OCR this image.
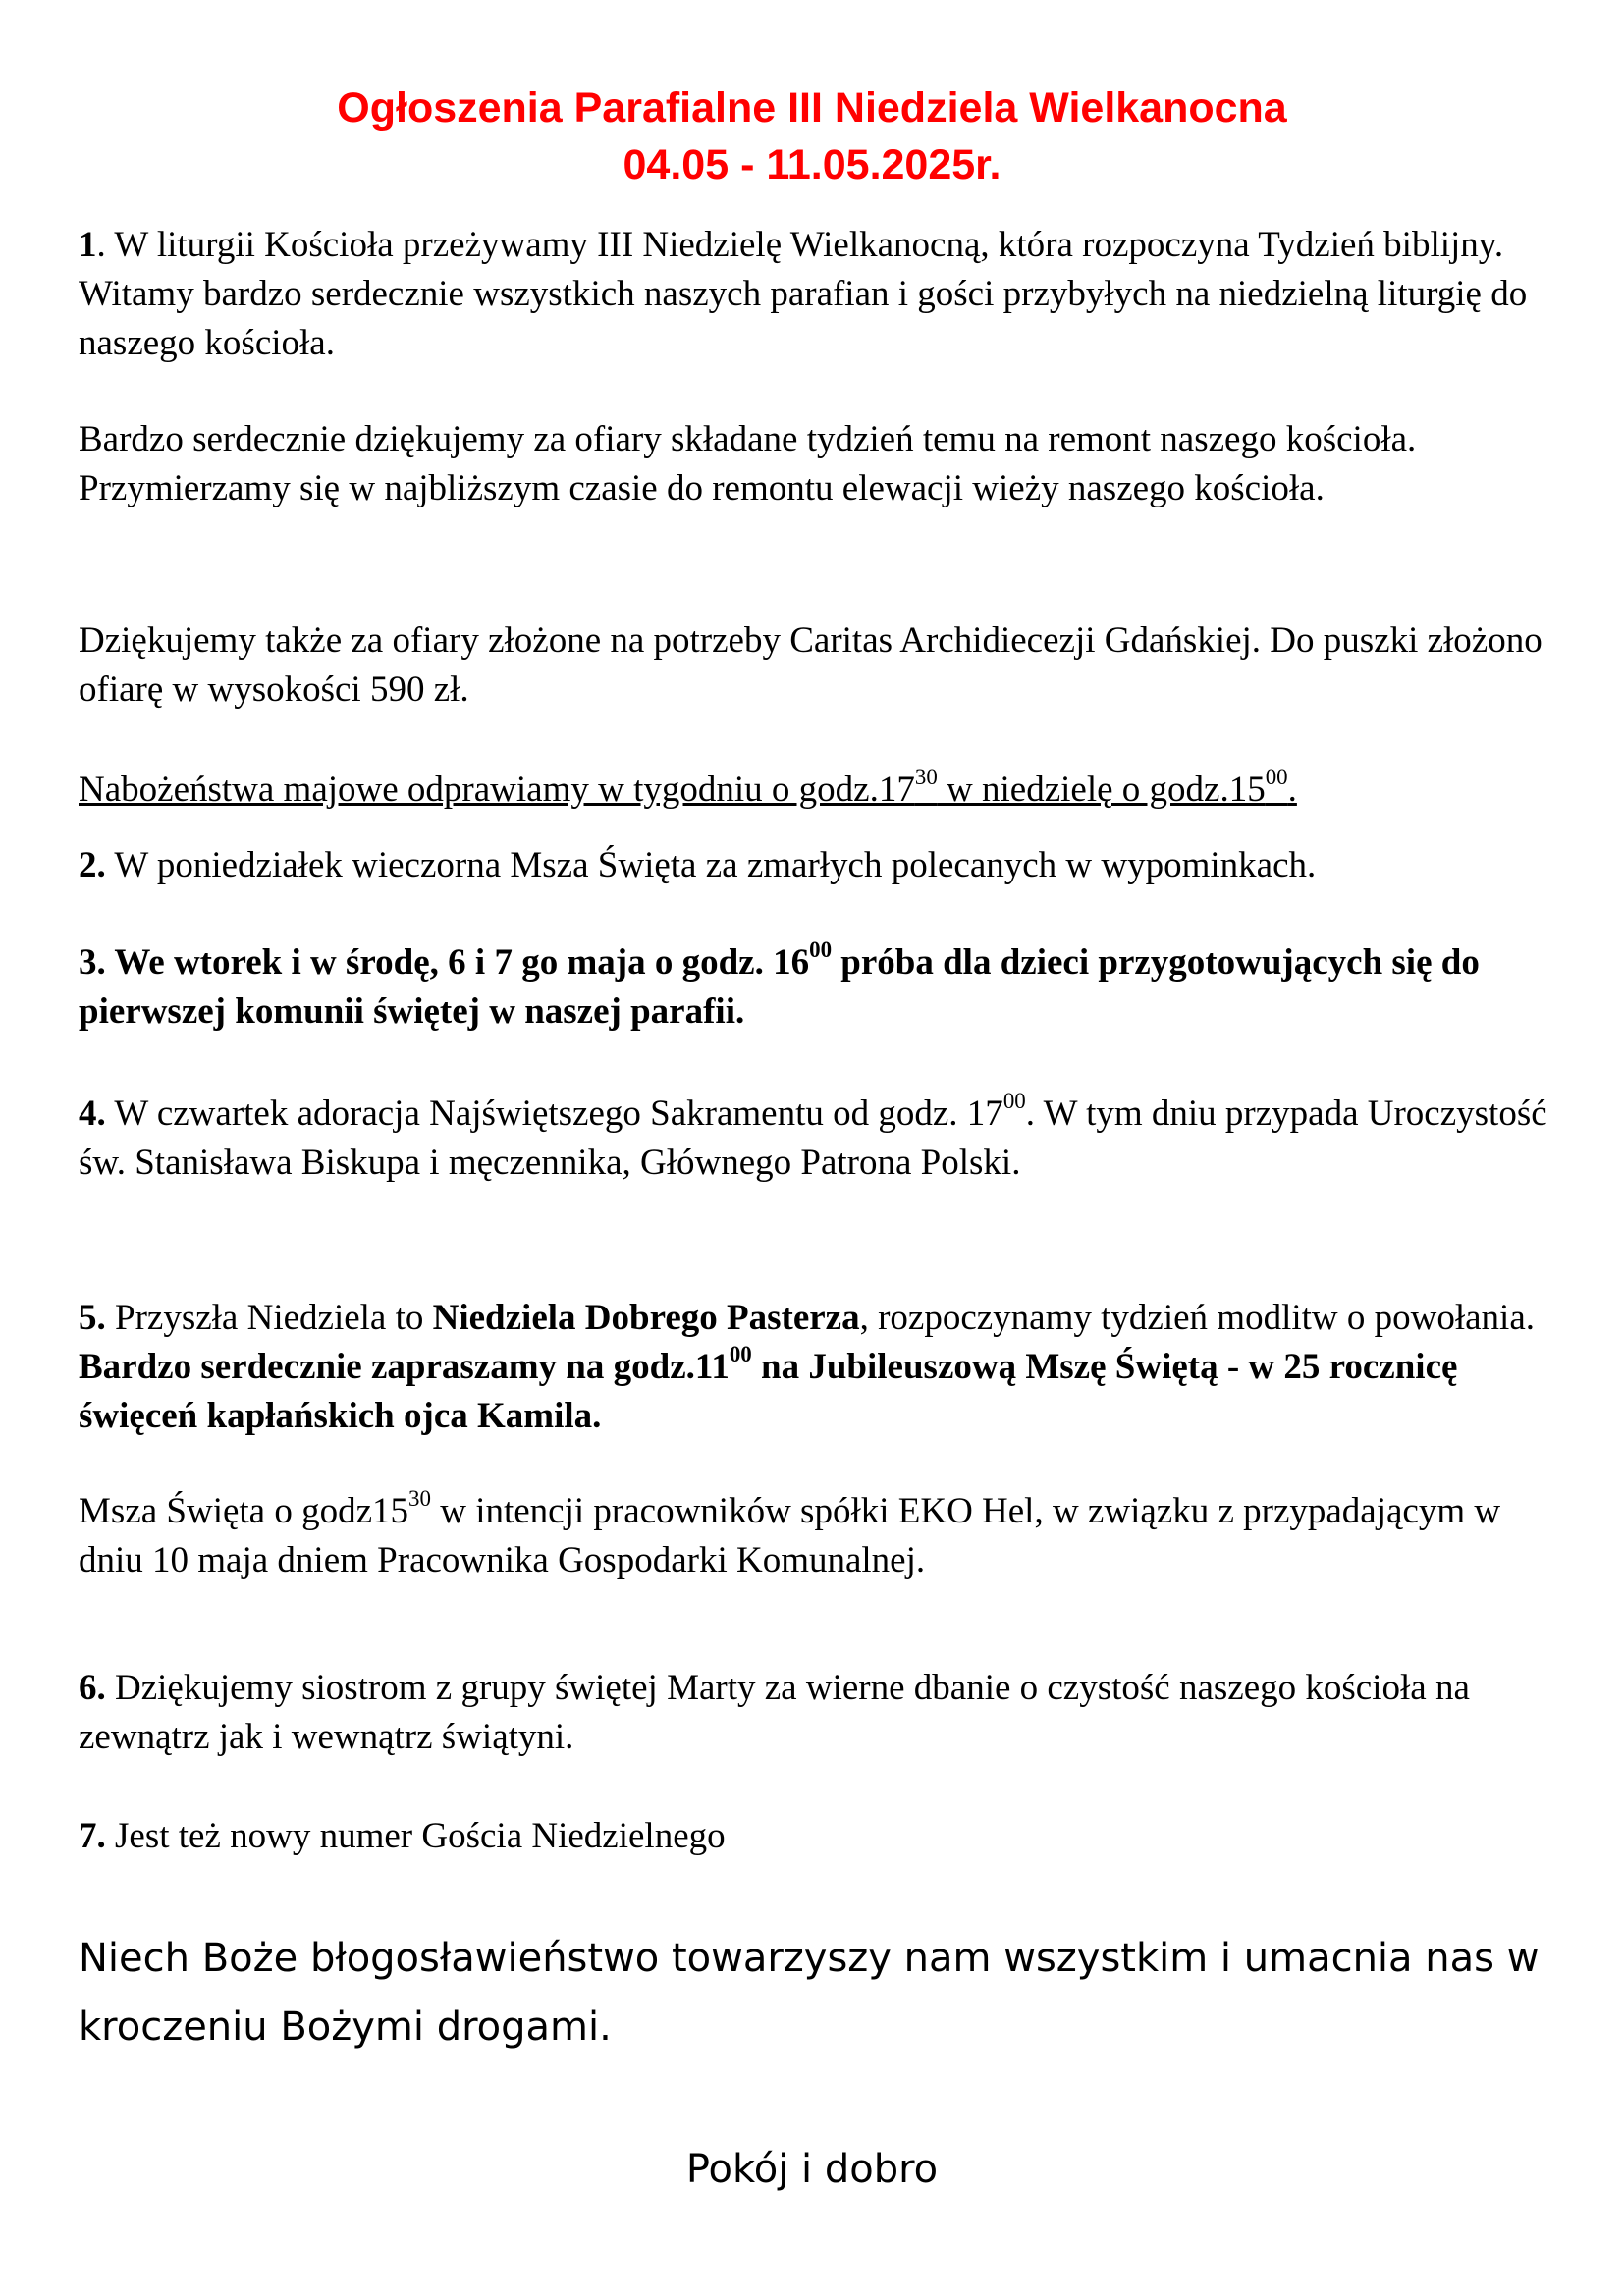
Ogłoszenia Parafialne III Niedziela Wielkanocna
04.05 - 11.05.2025r.

1. W liturgii Kościoła przeżywamy III Niedzielę Wielkanocną, która rozpoczyna Tydzień biblijny. Witamy bardzo serdecznie wszystkich naszych parafian i gości przybyłych na niedzielną liturgię do naszego kościoła.

Bardzo serdecznie dziękujemy za ofiary składane tydzień temu na remont naszego kościoła. Przymierzamy się w najbliższym czasie do remontu elewacji wieży naszego kościoła.

Dziękujemy także za ofiary złożone na potrzeby Caritas Archidiecezji Gdańskiej. Do puszki złożono ofiarę w wysokości 590 zł.

Nabożeństwa majowe odprawiamy w tygodniu o $godz.17^{30}$ w niedzielę o $godz.15^{00}$.

2. W poniedziałek wieczorna Msza Święta za zmarłych polecanych w wypominkach.

3. We wtorek i w środę, 6 i 7 go maja o godz. $16^{00}$ próba dla dzieci przygotowujących się do pierwszej komunii świętej w naszej parafii.

4. W czwartek adoracja Najświętszego Sakramentu od godz. $17^{00}$. W tym dniu przypada Uroczystość św. Stanisława Biskupa i męczennika, Głównego Patrona Polski.

5. Przyszła Niedziela to Niedziela Dobrego Pasterza, rozpoczynamy tydzień modlitw o powołania. Bardzo serdecznie zapraszamy na $godz.11^{00}$ na Jubileuszową Mszę Świętą - w 25 rocznicę święceń kapłańskich ojca Kamila.

Msza Święta o $godz15^{30}$ w intencji pracowników spółki EKO Hel, w związku z przypadającym w dniu 10 maja dniem Pracownika Gospodarki Komunalnej.

6. Dziękujemy siostrom z grupy świętej Marty za wierne dbanie o czystość naszego kościoła na zewnątrz jak i wewnątrz świątyni.

7. Jest też nowy numer Gościa Niedzielnego

Niech Boże błogosławieństwo towarzyszy nam wszystkim i umacnia nas w kroczeniu Bożymi drogami.

Pokój i dobro
